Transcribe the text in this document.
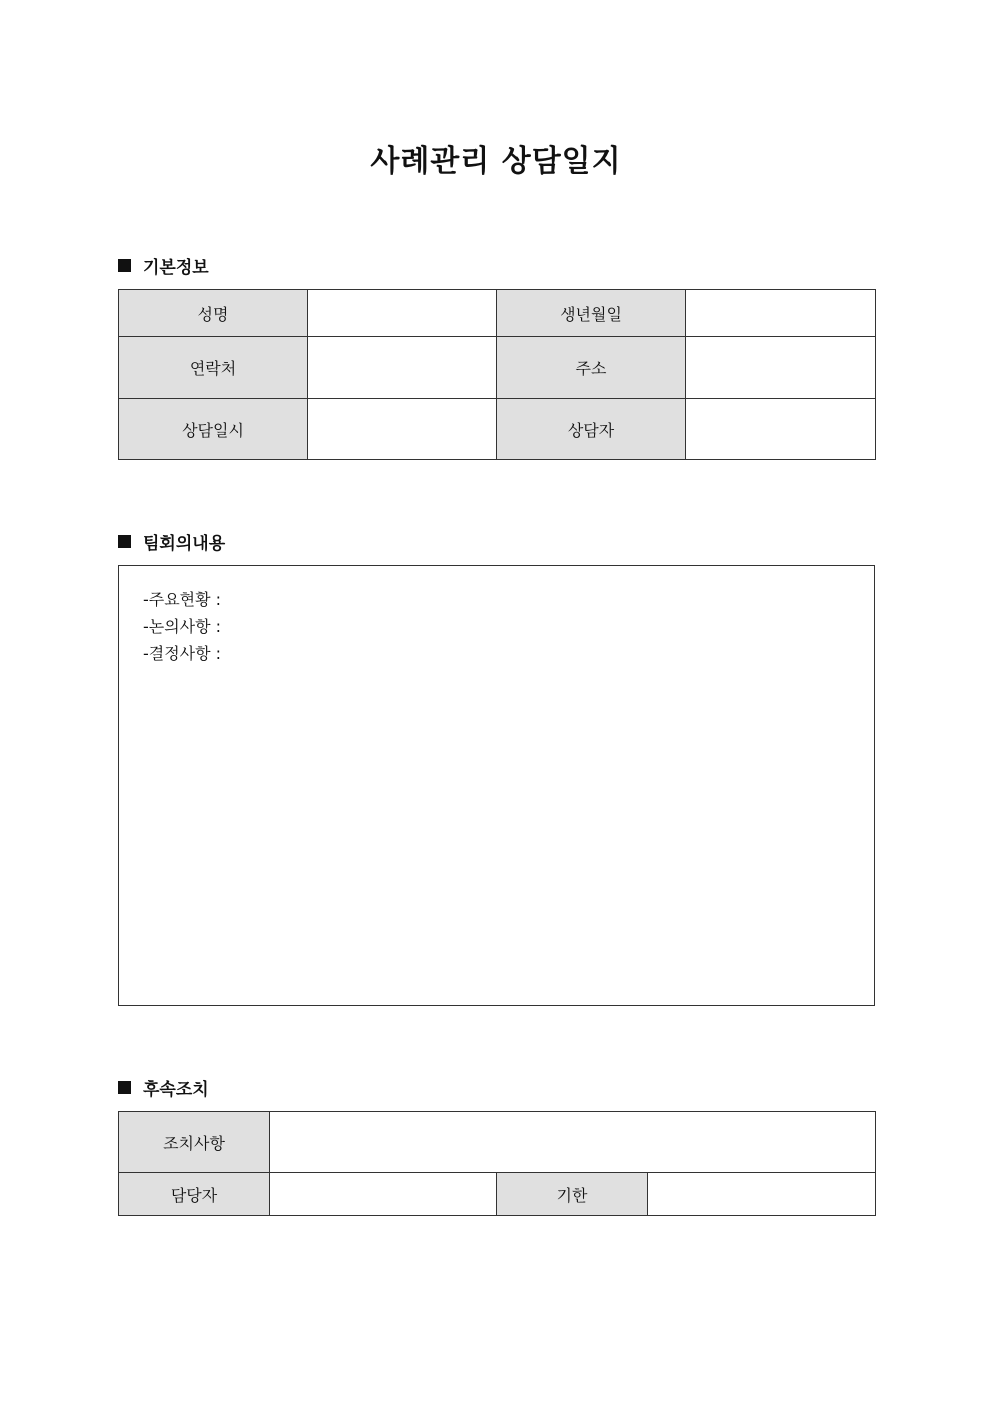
사례관리 상담일지
기본정보
성명		생년월일	
연락처		주소	
상담일시		상담자	
팀회의내용
-주요현황 :
-논의사항 :
-결정사항 :
후속조치
조치사항			
담당자		기한	
